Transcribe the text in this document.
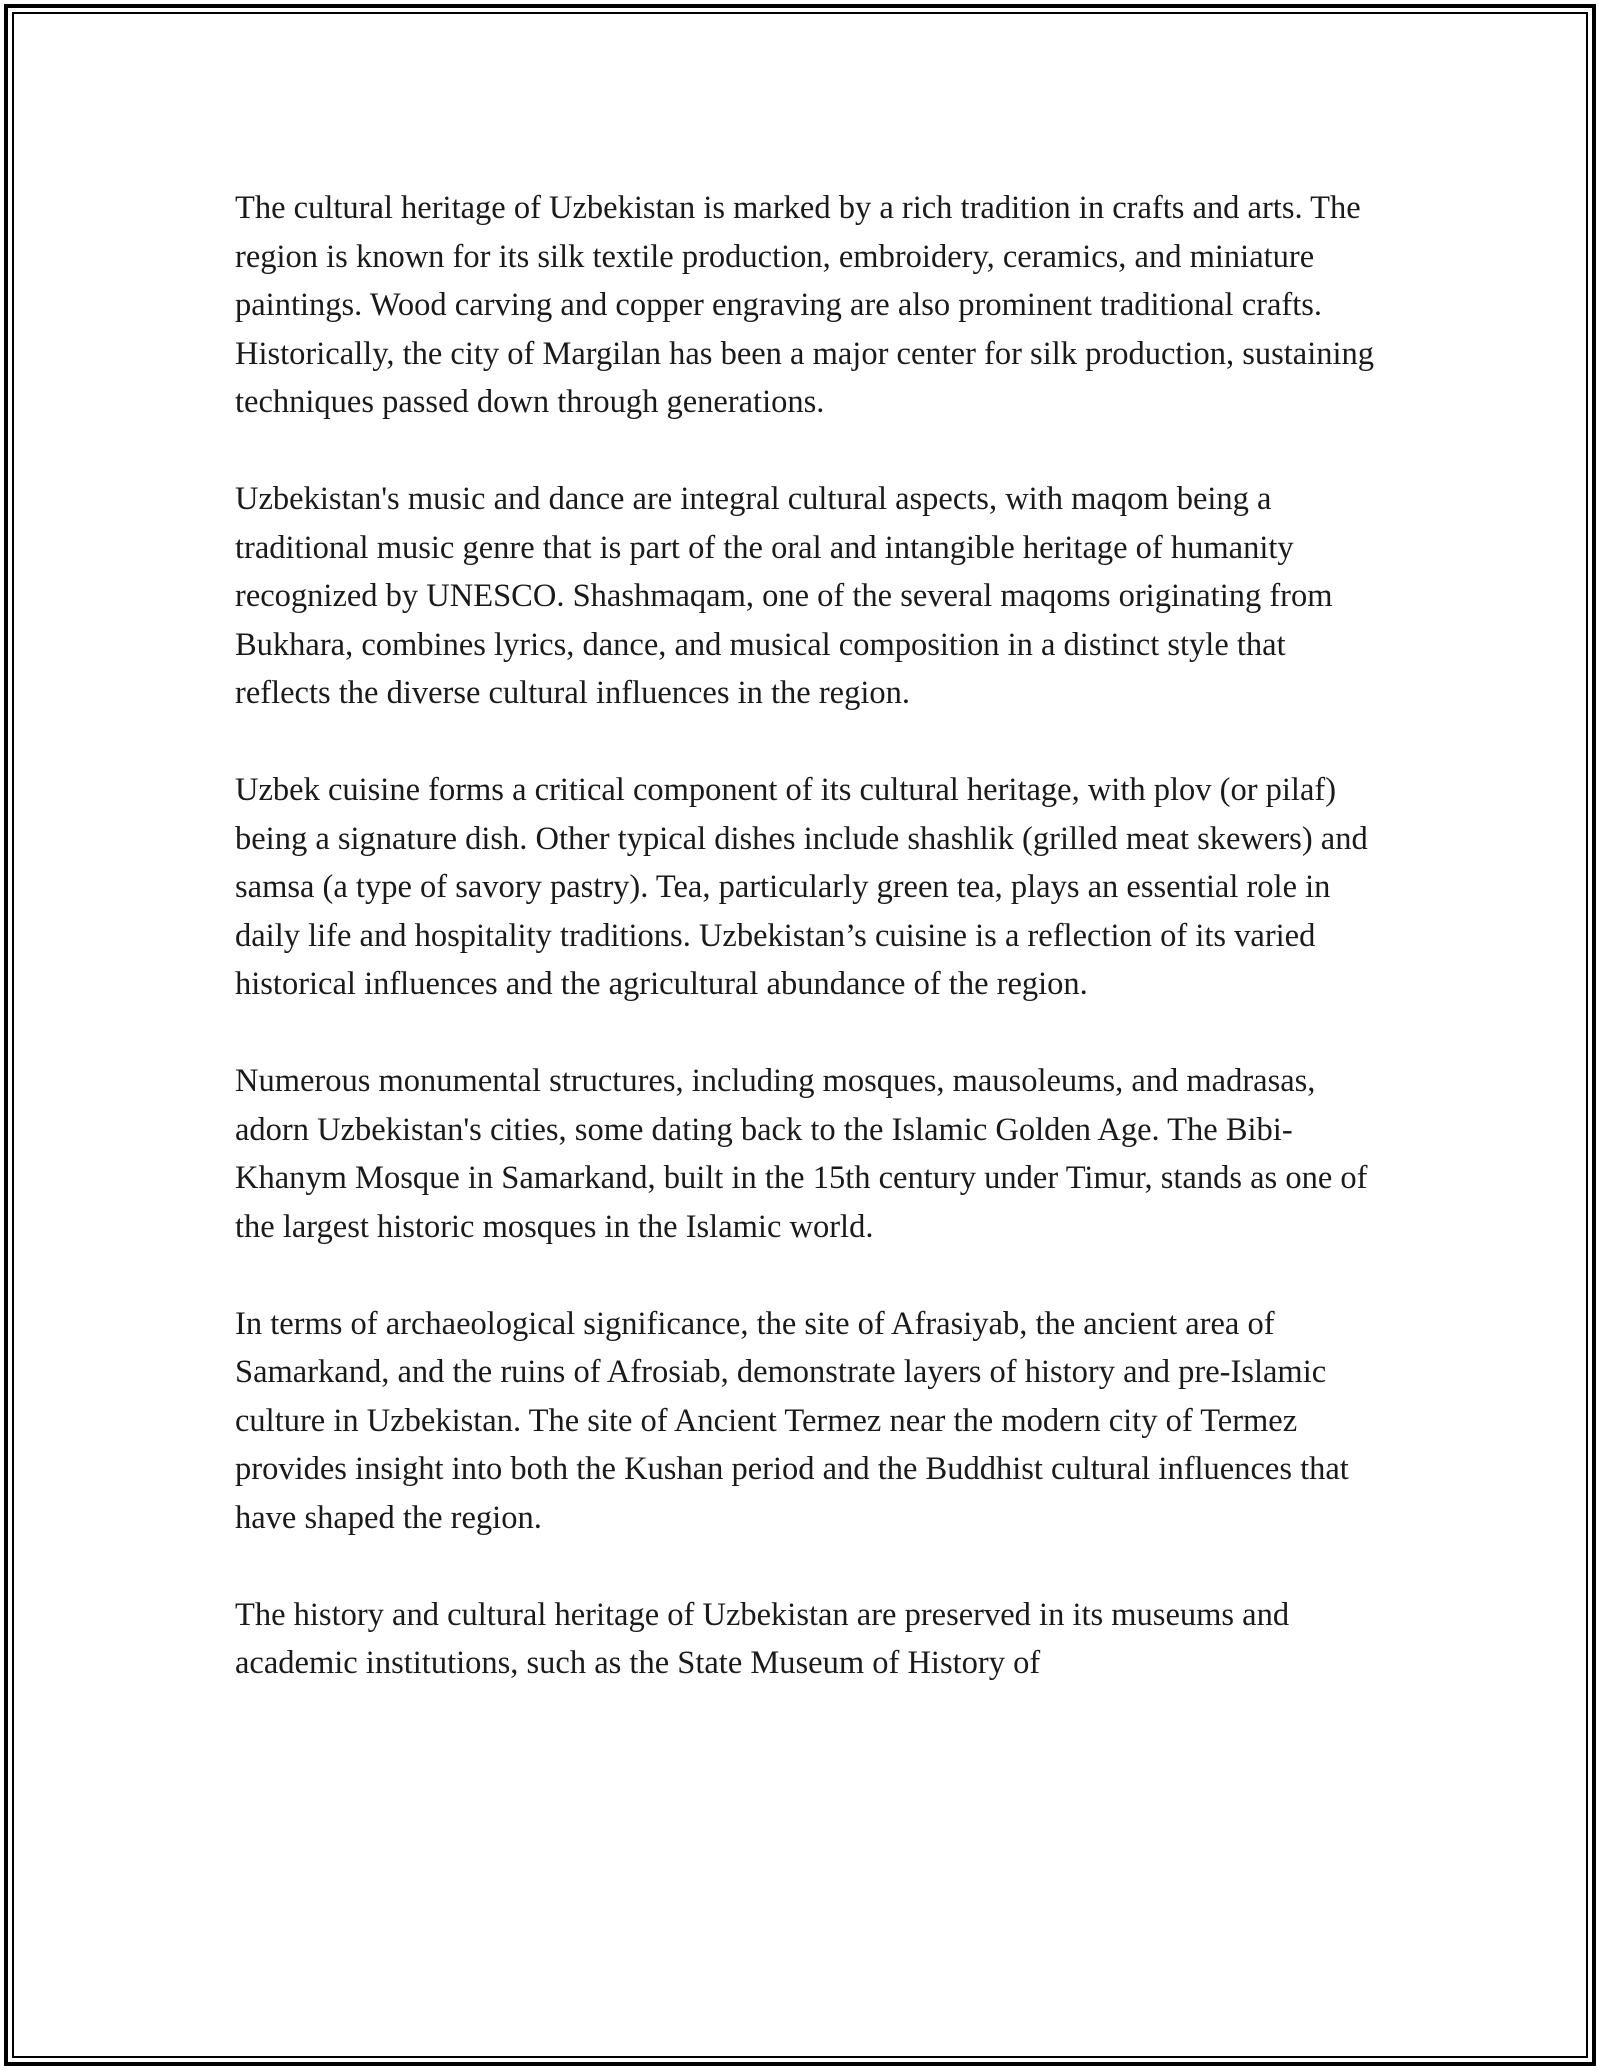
The cultural heritage of Uzbekistan is marked by a rich tradition in crafts and arts. The region is known for its silk textile production, embroidery, ceramics, and miniature paintings. Wood carving and copper engraving are also prominent traditional crafts. Historically, the city of Margilan has been a major center for silk production, sustaining techniques passed down through generations.

Uzbekistan's music and dance are integral cultural aspects, with maqom being a traditional music genre that is part of the oral and intangible heritage of humanity recognized by UNESCO. Shashmaqam, one of the several maqoms originating from Bukhara, combines lyrics, dance, and musical composition in a distinct style that reflects the diverse cultural influences in the region.

Uzbek cuisine forms a critical component of its cultural heritage, with plov (or pilaf) being a signature dish. Other typical dishes include shashlik (grilled meat skewers) and samsa (a type of savory pastry). Tea, particularly green tea, plays an essential role in daily life and hospitality traditions. Uzbekistan’s cuisine is a reflection of its varied historical influences and the agricultural abundance of the region.

Numerous monumental structures, including mosques, mausoleums, and madrasas, adorn Uzbekistan's cities, some dating back to the Islamic Golden Age. The Bibi-Khanym Mosque in Samarkand, built in the 15th century under Timur, stands as one of the largest historic mosques in the Islamic world.

In terms of archaeological significance, the site of Afrasiyab, the ancient area of Samarkand, and the ruins of Afrosiab, demonstrate layers of history and pre-Islamic culture in Uzbekistan. The site of Ancient Termez near the modern city of Termez provides insight into both the Kushan period and the Buddhist cultural influences that have shaped the region.

The history and cultural heritage of Uzbekistan are preserved in its museums and academic institutions, such as the State Museum of History of
